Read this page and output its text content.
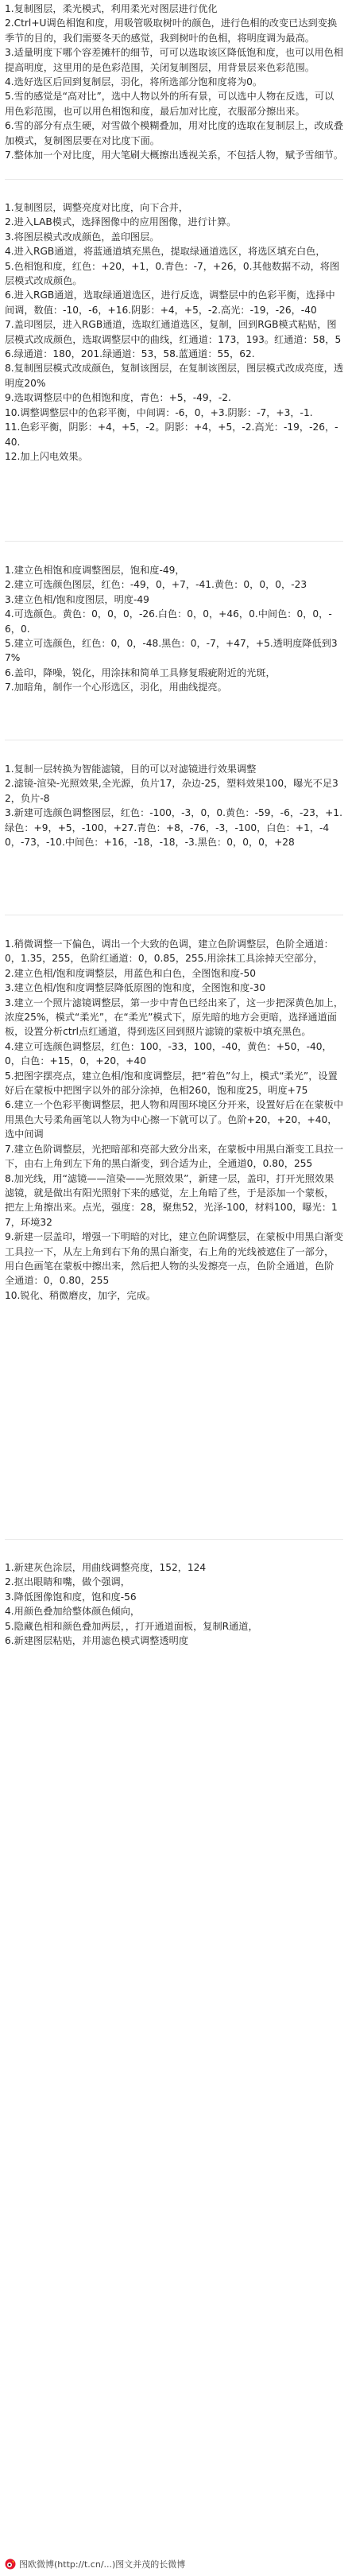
1.复制图层，柔光模式，利用柔光对图层进行优化
2.Ctrl+U调色相饱和度，用吸管吸取树叶的颜色，进行色相的改变已达到变换季节的目的，我们需要冬天的感觉，我到树叶的色相，将明度调为最高。
3.适量明度下哪个容差摊杆的细节，可可以选取该区降低饱和度，也可以用色相提高明度，这里用的是色彩范围，关闭复制图层，用背景层来色彩范围。
4.选好选区后回到复制层，羽化，将所选部分饱和度将为0。
5.雪的感觉是“高对比”，选中人物以外的所有景，可以选中人物在反选，可以用色彩范围，也可以用色相饱和度，最后加对比度，衣服部分擦出来。
6.雪的部分有点生硬，对雪做个模糊叠加，用对比度的选取在复制层上，改成叠加模式，复制图层要在对比度下面。
7.整体加一个对比度，用大笔刷大概擦出透视关系，不包括人物，赋予雪细节。
1.复制图层，调整亮度对比度，向下合并，
2.进入LAB模式，选择图像中的应用图像，进行计算。
3.将图层模式改成颜色，盖印图层。
4.进入RGB通道，将蓝通道填充黑色，提取绿通道选区，将选区填充白色，
5.色相饱和度，红色：+20，+1，0.青色：-7，+26，0.其他数据不动，将图层模式改成颜色。
6.进入RGB通道，选取绿通道选区，进行反选，调整层中的色彩平衡，选择中间调，数值：-10，-6，+16.阴影：+4，+5，-2.高光：-19，-26，-40
7.盖印图层，进入RGB通道，选取红通道选区，复制，回到RGB模式粘贴，图层模式改成颜色，选取调整层中的曲线，红通道：173，193。红通道：58，56.绿通道：180，201.绿通道：53，58.蓝通道：55，62.
8.复制图层模式改成颜色，复制该图层，在复制该图层，图层模式改成亮度，透明度20%
9.选取调整层中的色相饱和度，青色：+5，-49，-2.
10.调整调整层中的色彩平衡，中间调：-6，0，+3.阴影：-7，+3，-1.
11.色彩平衡，阴影：+4，+5，-2。阴影：+4，+5，-2.高光：-19，-26，-40.
12.加上闪电效果。
1.建立色相饱和度调整图层，饱和度-49，
2.建立可选颜色图层，红色：-49，0，+7，-41.黄色：0，0，0，-23
3.建立色相/饱和度图层，明度-49
4.可选颜色。黄色：0，0，0，-26.白色：0，0，+46，0.中间色：0，0，-6，0.
5.建立可选颜色，红色：0，0，-48.黑色：0，-7，+47，+5.透明度降低到37%
6.盖印，降噪，锐化，用涂抹和简单工具修复瑕疵附近的光斑，
7.加暗角，制作一个心形选区，羽化，用曲线提亮。
1.复制一层转换为智能滤镜，目的可以对滤镜进行效果调整
2.滤镜-渲染-光照效果,全光源，负片17，杂边-25，塑料效果100，曝光不足32，负片-8
3.新建可选颜色调整图层，红色：-100，-3，0，0.黄色：-59，-6，-23，+1.绿色：+9，+5，-100，+27.青色：+8，-76，-3，-100，白色：+1，-40，-73，-10.中间色：+16，-18，-18，-3.黑色：0，0，0，+28
1.稍微调整一下偏色，调出一个大致的色调，建立色阶调整层，色阶全通道：0，1.35，255，色阶红通道：0，0.85，255.用涂抹工具涂掉天空部分，
2.建立色相/饱和度调整层，用蓝色和白色，全图饱和度-50
3.建立色相/饱和度调整层降低原图的饱和度，全图饱和度-30
3.建立一个照片滤镜调整层，第一步中青色已经出来了，这一步把深黄色加上，浓度25%，模式“柔光”，在“柔光”模式下，原先暗的地方会更暗，选择通道面板，设置分析ctrl点红通道，得到选区回到照片滤镜的蒙板中填充黑色。
4.建立可选颜色调整层，红色：100，-33，100，-40，黄色：+50，-40，0，白色：+15，0，+20，+40
5.把图字摆亮点，建立色相/饱和度调整层，把“着色”勾上，模式“柔光”，设置好后在蒙板中把图字以外的部分涂掉，色相260，饱和度25，明度+75
6.建立一个色彩平衡调整层，把人物和周围环境区分开来，设置好后在在蒙板中用黑色大号柔角画笔以人物为中心擦一下就可以了。色阶+20，+20，+40，选中间调
7.建立色阶调整层，光把暗部和亮部大致分出来，在蒙板中用黑白渐变工具拉一下，由右上角到左下角的黑白渐变，到合适为止，全通道0，0.80，255
8.加光线，用“滤镜——渲染——光照效果”，新建一层，盖印，打开光照效果滤镜，就是做出有阳光照射下来的感觉，左上角暗了些，于是添加一个蒙板，把左上角擦出来。点光，强度：28，聚焦52，光泽-100，材料100，曝光：17，环境32
9.新建一层盖印，增强一下明暗的对比，建立色阶调整层，在蒙板中用黑白渐变工具拉一下，从左上角到右下角的黑白渐变，右上角的光线被遮住了一部分，用白色画笔在蒙板中擦出来，然后把人物的头发擦亮一点，色阶全通道，色阶全通道：0，0.80，255
10.锐化、稍微磨皮，加字，完成。
1.新建灰色涂层，用曲线调整亮度，152，124
2.抠出眼睛和嘴，做个强调，
3.降低图像饱和度，饱和度-56
4.用颜色叠加给整体颜色倾向，
5.隐藏色相和颜色叠加两层，，打开通道面板，复制R通道，
6.新建图层粘贴，并用滤色模式调整透明度
图欧微博(http://t.cn/...)图文并茂的长微博
